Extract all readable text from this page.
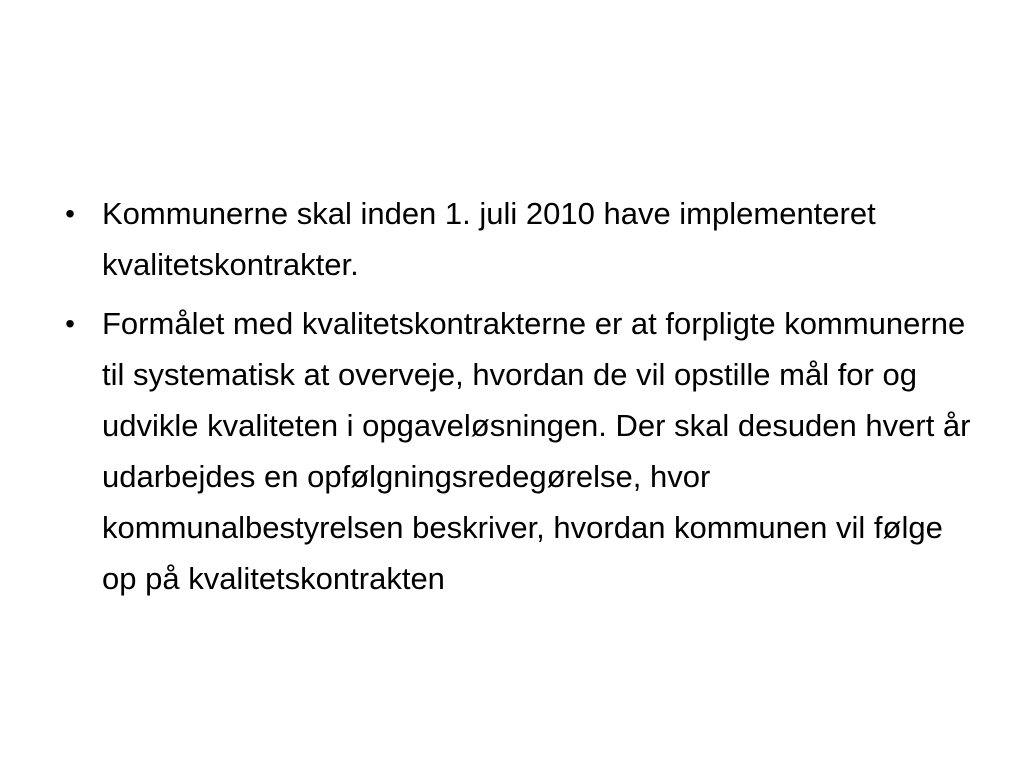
• Kommunerne skal inden 1. juli 2010 have implementeret kvalitetskontrakter.
• Formålet med kvalitetskontrakterne er at forpligte kommunerne til systematisk at overveje, hvordan de vil opstille mål for og udvikle kvaliteten i opgaveløsningen. Der skal desuden hvert år udarbejdes en opfølgningsredegørelse, hvor kommunalbestyrelsen beskriver, hvordan kommunen vil følge op på kvalitetskontrakten
